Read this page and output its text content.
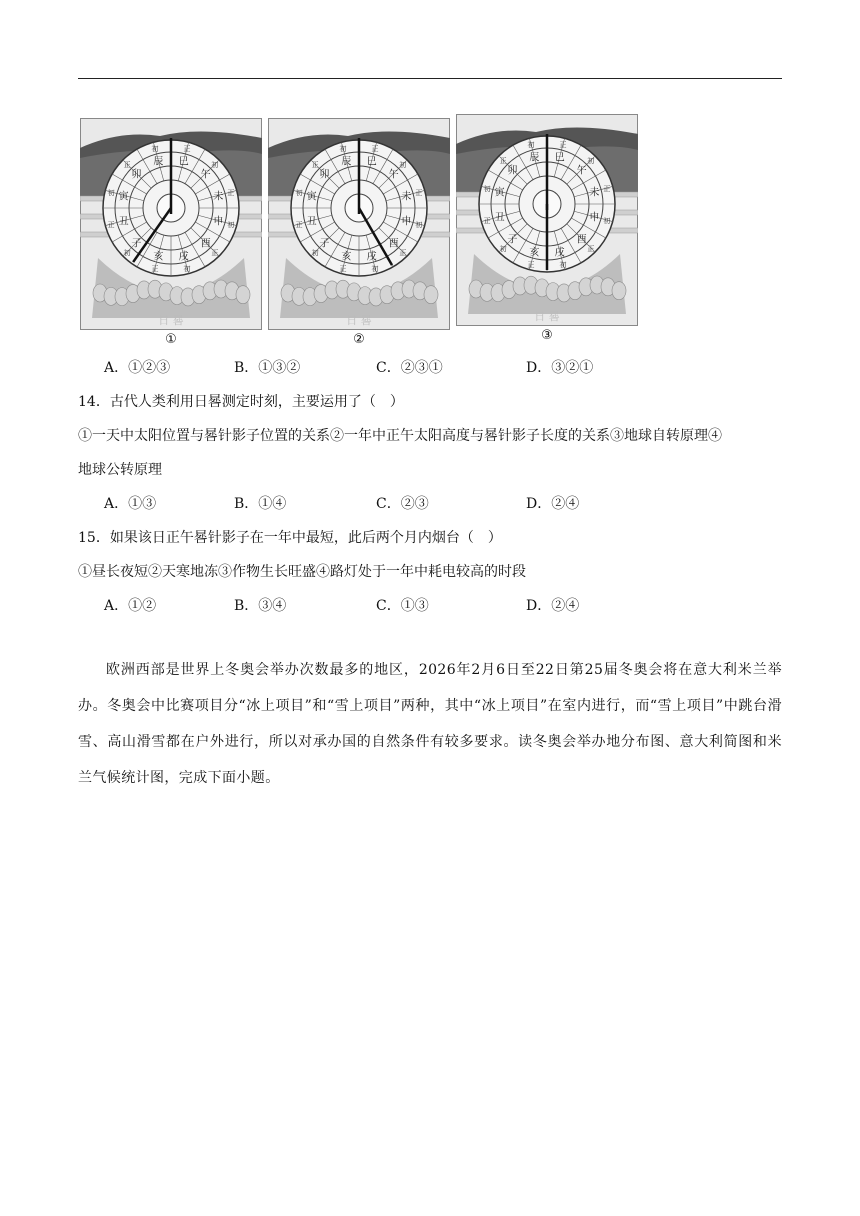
申
酉
戌
亥
子
丑
寅
卯
辰 巳
午
未
初
正
初
正
初
正
初
正
初	正
初
正
日 晷
①
申
酉
戌
亥
子
丑
寅
卯
辰 巳
午
未
初
正
初
正
初
正
初
正
初	正
初
正
日 晷
②
申
酉
戌
亥
子
丑
寅
卯
辰 巳
午
未
初
正
初
正
初
正
初
正
初	正
初
正
日 晷
③
A．①②③	B．①③②	C．②③①	D．③②①
14．古代人类利用日晷测定时刻，主要运用了（　）
①一天中太阳位置与晷针影子位置的关系②一年中正午太阳高度与晷针影子长度的关系③地球自转原理④
地球公转原理
A．①③	B．①④	C．②③	D．②④
15．如果该日正午晷针影子在一年中最短，此后两个月内烟台（　）
①昼长夜短②天寒地冻③作物生长旺盛④路灯处于一年中耗电较高的时段
A．①②	B．③④	C．①③	D．②④
欧洲西部是世界上冬奥会举办次数最多的地区，2026年2月6日至22日第25届冬奥会将在意大利米兰举办。冬奥会中比赛项目分“冰上项目”和“雪上项目”两种，其中“冰上项目”在室内进行，而“雪上项目”中跳台滑雪、高山滑雪都在户外进行，所以对承办国的自然条件有较多要求。读冬奥会举办地分布图、意大利简图和米兰气候统计图，完成下面小题。
